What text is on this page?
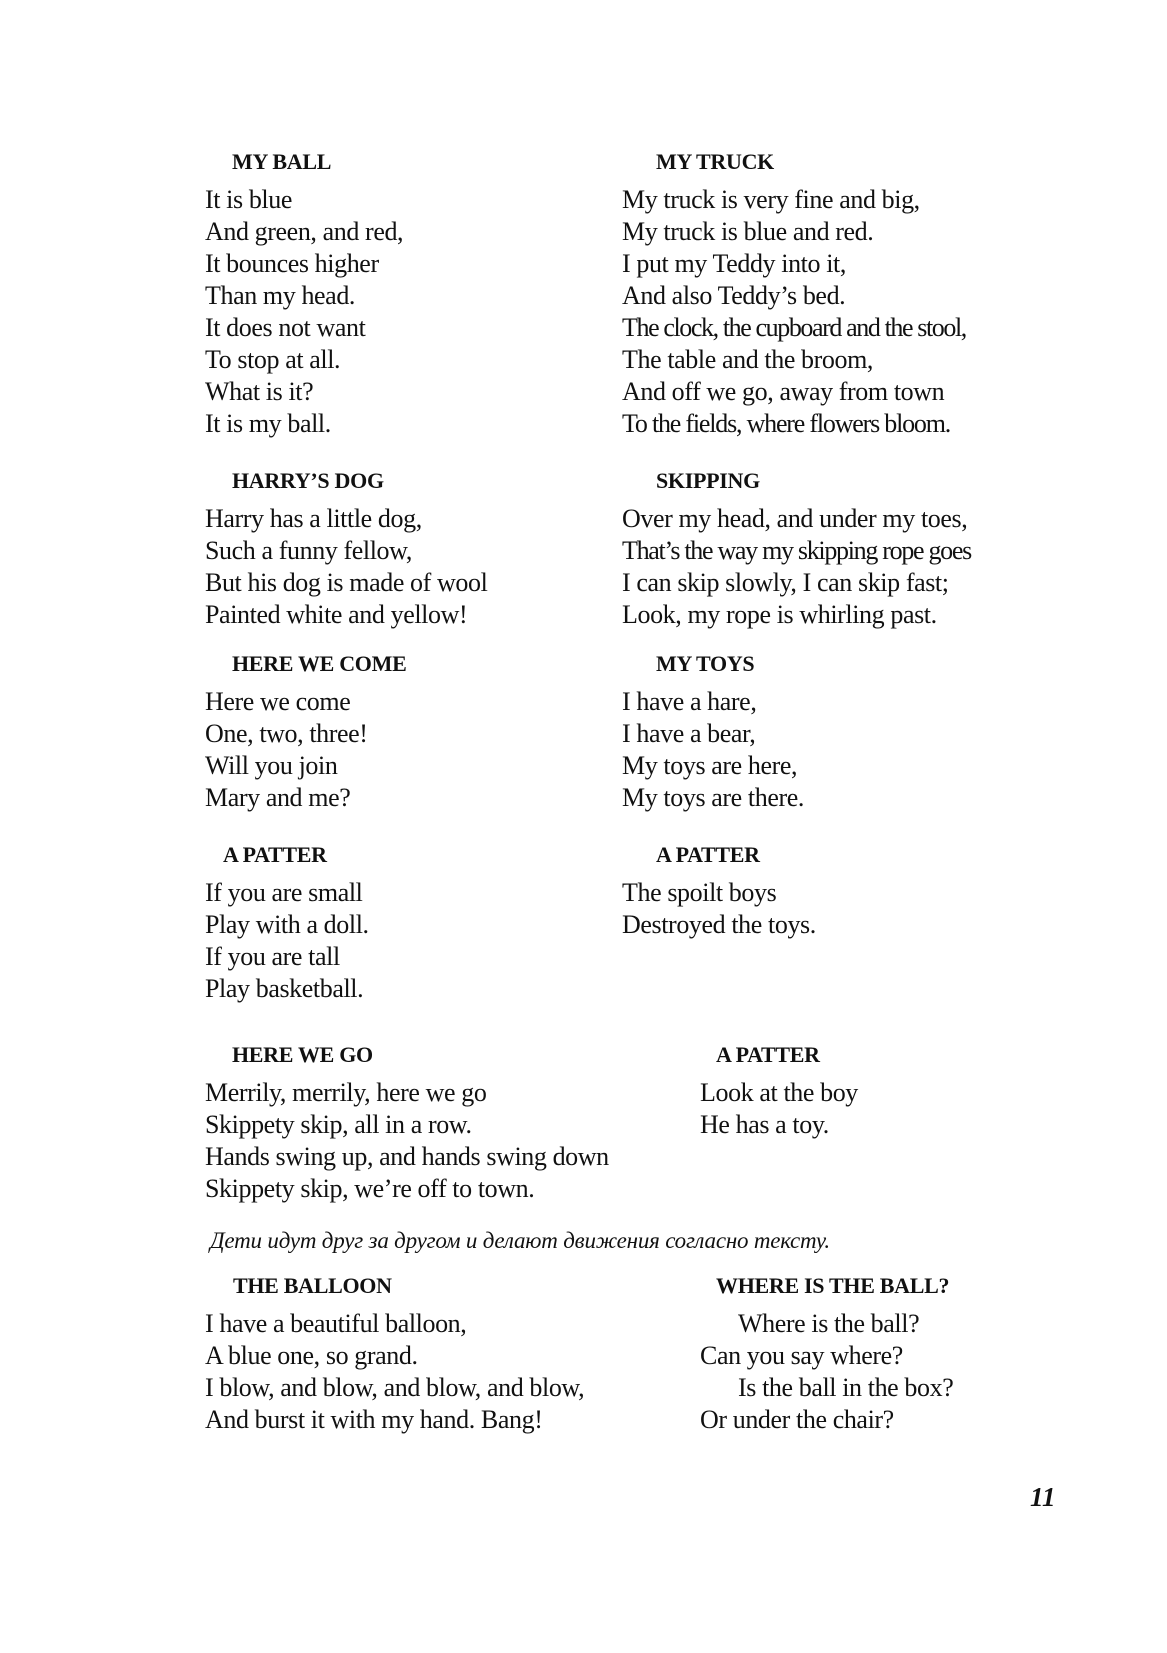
MY BALL
It is blue
And green, and red,
It bounces higher
Than my head.
It does not want
To stop at all.
What is it?
It is my ball.
MY TRUCK
My truck is very fine and big,
My truck is blue and red.
I put my Teddy into it,
And also Teddy’s bed.
The clock, the cupboard and the stool,
The table and the broom,
And off we go, away from town
To the fields, where flowers bloom.
HARRY’S DOG
Harry has a little dog,
Such a funny fellow,
But his dog is made of wool
Painted white and yellow!
SKIPPING
Over my head, and under my toes,
That’s the way my skipping rope goes
I can skip slowly, I can skip fast;
Look, my rope is whirling past.
HERE WE COME
Here we come
One, two, three!
Will you join
Mary and me?
MY TOYS
I have a hare,
I have a bear,
My toys are here,
My toys are there.
A PATTER
If you are small
Play with a doll.
If you are tall
Play basketball.
A PATTER
The spoilt boys
Destroyed the toys.
HERE WE GO
Merrily, merrily, here we go
Skippety skip, all in a row.
Hands swing up, and hands swing down
Skippety skip, we’re off to town.
A PATTER
Look at the boy
He has a toy.
Дети идут друг за другом и делают движения согласно тексту.
THE BALLOON
I have a beautiful balloon,
A blue one, so grand.
I blow, and blow, and blow, and blow,
And burst it with my hand. Bang!
WHERE IS THE BALL?
Where is the ball?
Can you say where?
Is the ball in the box?
Or under the chair?
11
